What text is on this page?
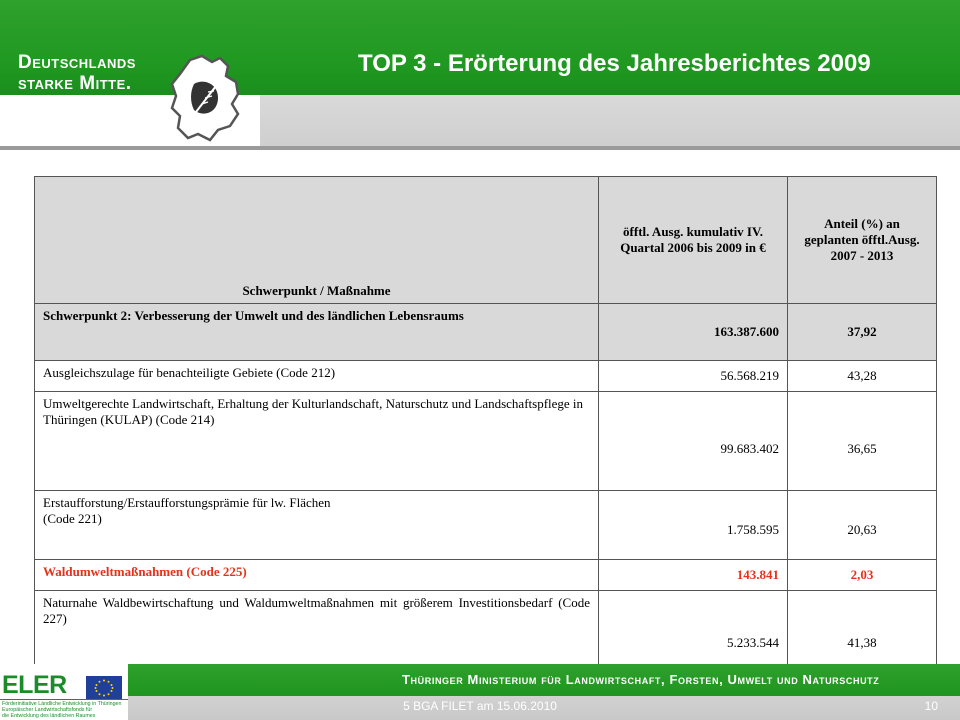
Deutschlands
starke Mitte.
TOP 3 - Erörterung des Jahresberichtes 2009
Schwerpunkt / Maßnahme	öfftl. Ausg. kumulativ IV. Quartal 2006 bis 2009 in €	Anteil (%) an geplanten öfftl.Ausg. 2007 - 2013

Schwerpunkt 2: Verbesserung der Umwelt und des ländlichen Lebensraums	163.387.600	37,92
Ausgleichszulage für benachteiligte Gebiete (Code 212)	56.568.219	43,28
Umweltgerechte Landwirtschaft, Erhaltung der Kulturlandschaft, Naturschutz und Landschaftspflege in Thüringen (KULAP) (Code 214)	99.683.402	36,65

Erstaufforstung/Erstaufforstungsprämie für lw. Flächen
(Code 221)	1.758.595	20,63
Waldumweltmaßnahmen (Code 225)	143.841	2,03
Naturnahe Waldbewirtschaftung und Waldumweltmaßnahmen mit größerem Investitionsbedarf (Code 227)	5.233.544	41,38
Thüringer Ministerium für Landwirtschaft, Forsten, Umwelt und Naturschutz
ELER
Förderinitiative Ländliche Entwicklung in Thüringen
Europäischer Landwirtschaftsfonds für
die Entwicklung des ländlichen Raumes
5 BGA FILET am 15.06.2010	10
